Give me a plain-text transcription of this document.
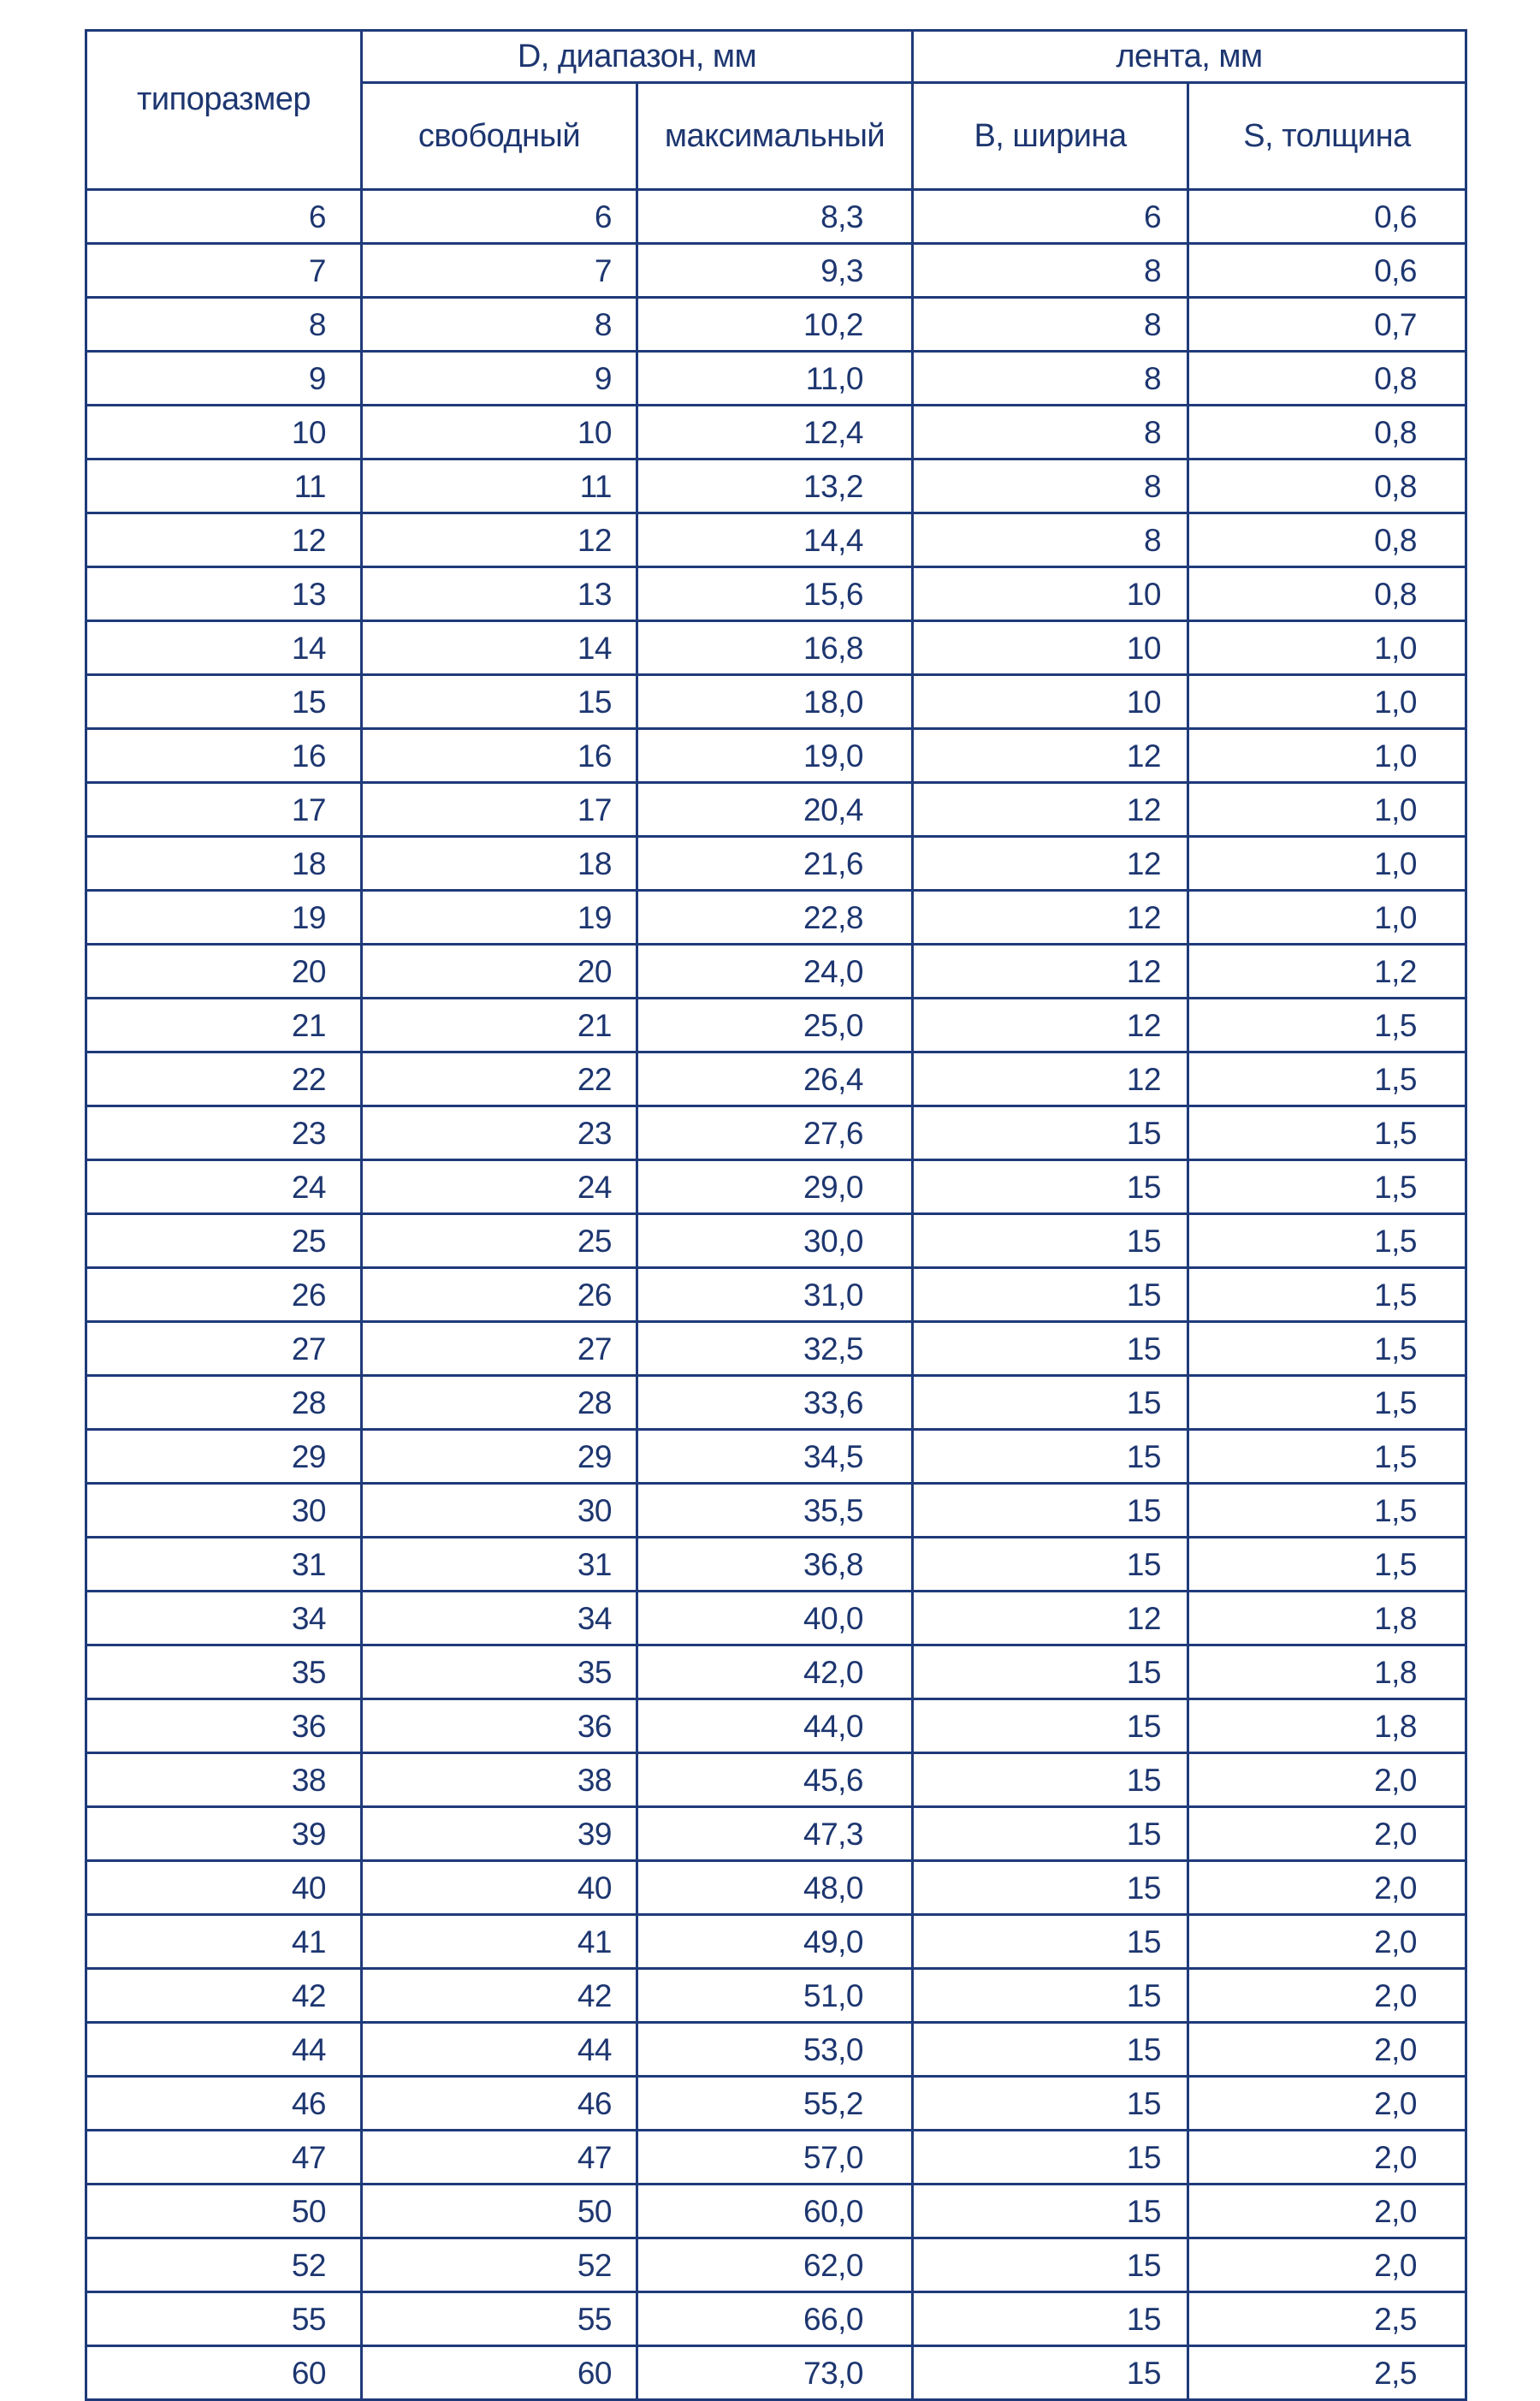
типоразмер	D, диапазон, мм		лента, мм	
	свободный	максимальный	В, ширина	S, толщина
6	6	8,3	6	0,6
7	7	9,3	8	0,6
8	8	10,2	8	0,7
9	9	11,0	8	0,8
10	10	12,4	8	0,8
11	11	13,2	8	0,8
12	12	14,4	8	0,8
13	13	15,6	10	0,8
14	14	16,8	10	1,0
15	15	18,0	10	1,0
16	16	19,0	12	1,0
17	17	20,4	12	1,0
18	18	21,6	12	1,0
19	19	22,8	12	1,0
20	20	24,0	12	1,2
21	21	25,0	12	1,5
22	22	26,4	12	1,5
23	23	27,6	15	1,5
24	24	29,0	15	1,5
25	25	30,0	15	1,5
26	26	31,0	15	1,5
27	27	32,5	15	1,5
28	28	33,6	15	1,5
29	29	34,5	15	1,5
30	30	35,5	15	1,5
31	31	36,8	15	1,5
34	34	40,0	12	1,8
35	35	42,0	15	1,8
36	36	44,0	15	1,8
38	38	45,6	15	2,0
39	39	47,3	15	2,0
40	40	48,0	15	2,0
41	41	49,0	15	2,0
42	42	51,0	15	2,0
44	44	53,0	15	2,0
46	46	55,2	15	2,0
47	47	57,0	15	2,0
50	50	60,0	15	2,0
52	52	62,0	15	2,0
55	55	66,0	15	2,5
60	60	73,0	15	2,5
